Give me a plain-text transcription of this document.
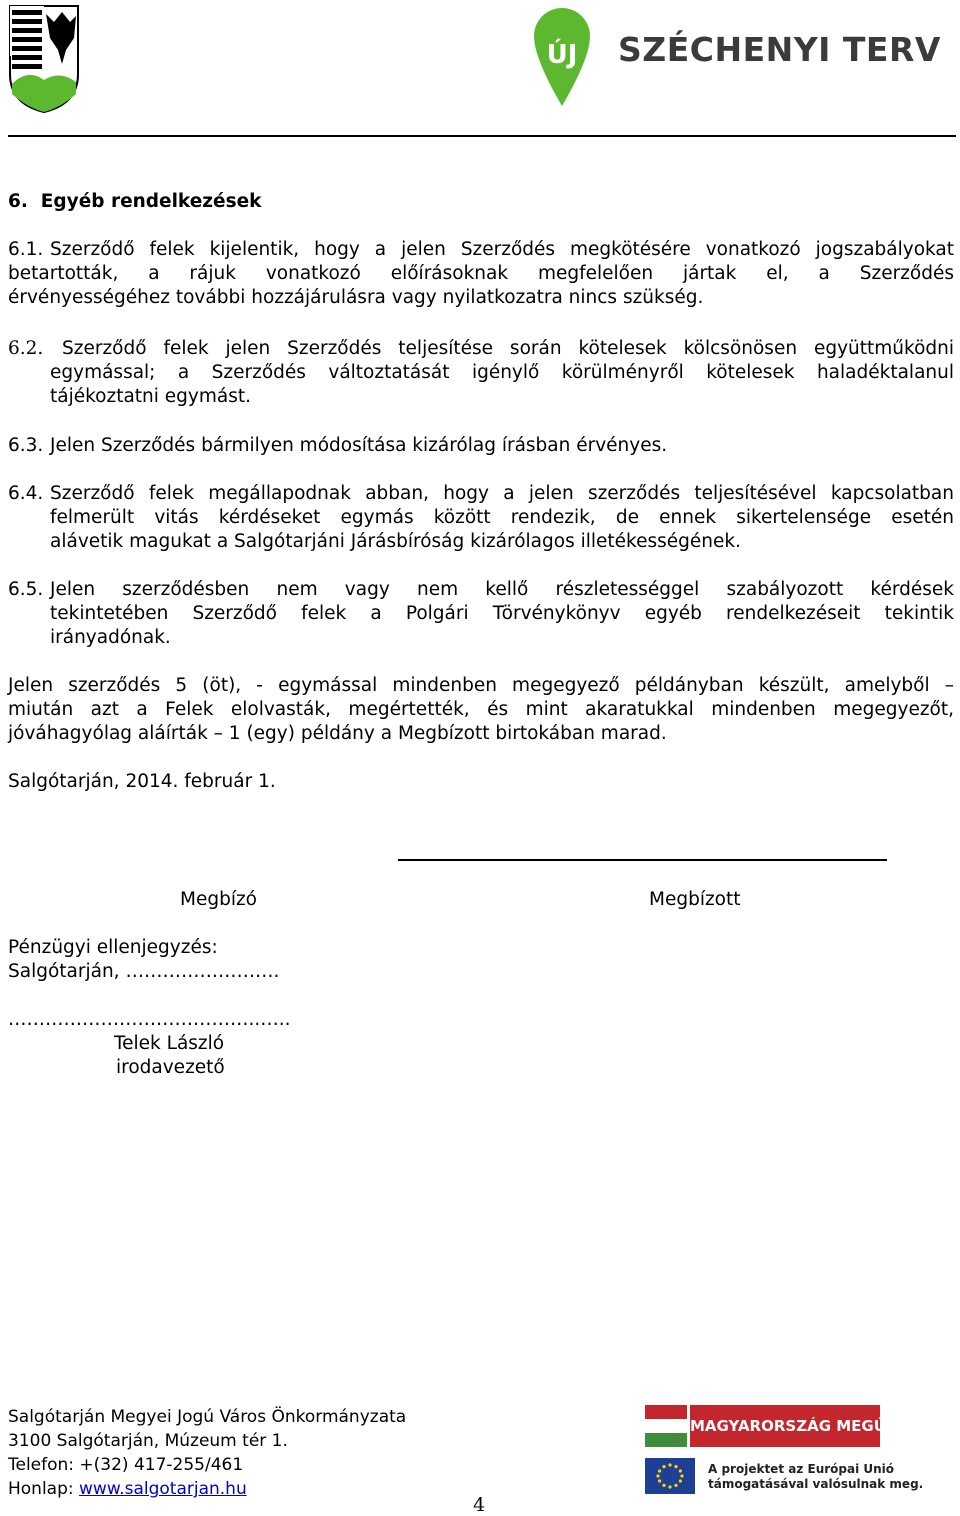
ÚJ	SZÉCHENYI TERV
6.  Egyéb rendelkezések
6.1. Szerződő felek kijelentik, hogy a jelen Szerződés megkötésére vonatkozó jogszabályokat
betartották, a rájuk vonatkozó előírásoknak megfelelően jártak el, a Szerződés
érvényességéhez további hozzájárulásra vagy nyilatkozatra nincs szükség.
6.2. Szerződő felek jelen Szerződés teljesítése során kötelesek kölcsönösen együttműködni
egymással; a Szerződés változtatását igénylő körülményről kötelesek haladéktalanul
tájékoztatni egymást.
6.3. Jelen Szerződés bármilyen módosítása kizárólag írásban érvényes.
6.4. Szerződő felek megállapodnak abban, hogy a jelen szerződés teljesítésével kapcsolatban
felmerült vitás kérdéseket egymás között rendezik, de ennek sikertelensége esetén
alávetik magukat a Salgótarjáni Járásbíróság kizárólagos illetékességének.
6.5. Jelen szerződésben nem vagy nem kellő részletességgel szabályozott kérdések
tekintetében Szerződő felek a Polgári Törvénykönyv egyéb rendelkezéseit tekintik
irányadónak.
Jelen szerződés 5 (öt), - egymással mindenben megegyező példányban készült, amelyből –
miután azt a Felek elolvasták, megértették, és mint akaratukkal mindenben megegyezőt,
jóváhagyólag aláírták – 1 (egy) példány a Megbízott birtokában marad.
Salgótarján, 2014. február 1.
Megbízó	Megbízott
Pénzügyi ellenjegyzés:
Salgótarján, …………………….
…………………………………..…..
Telek László
irodavezető
Salgótarján Megyei Jogú Város Önkormányzata
3100 Salgótarján, Múzeum tér 1.
Telefon: +(32) 417-255/461
Honlap: www.salgotarjan.hu
4
MAGYARORSZÁG MEGÚJUL
A projektet az Európai Unió
támogatásával valósulnak meg.
